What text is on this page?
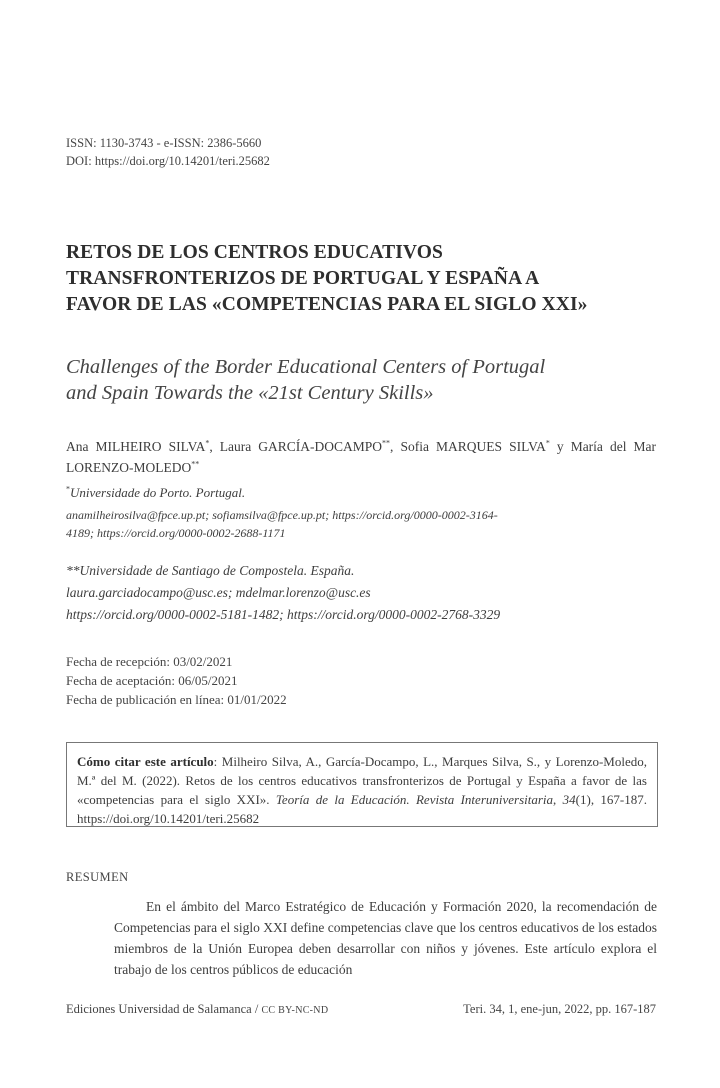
ISSN: 1130-3743 - e-ISSN: 2386-5660
DOI: https://doi.org/10.14201/teri.25682
RETOS DE LOS CENTROS EDUCATIVOS
TRANSFRONTERIZOS DE PORTUGAL Y ESPAÑA A
FAVOR DE LAS «COMPETENCIAS PARA EL SIGLO XXI»
Challenges of the Border Educational Centers of Portugal
and Spain Towards the «21st Century Skills»
Ana MILHEIRO SILVA*, Laura GARCÍA-DOCAMPO**, Sofia MARQUES SILVA* y María del Mar LORENZO-MOLEDO**
*Universidade do Porto. Portugal.
anamilheirosilva@fpce.up.pt; sofiamsilva@fpce.up.pt; https://orcid.org/0000-0002-3164-
4189; https://orcid.org/0000-0002-2688-1171
**Universidade de Santiago de Compostela. España.
laura.garciadocampo@usc.es; mdelmar.lorenzo@usc.es
https://orcid.org/0000-0002-5181-1482; https://orcid.org/0000-0002-2768-3329
Fecha de recepción: 03/02/2021
Fecha de aceptación: 06/05/2021
Fecha de publicación en línea: 01/01/2022
Cómo citar este artículo: Milheiro Silva, A., García-Docampo, L., Marques Silva, S., y Lorenzo-Moledo, M.ª del M. (2022). Retos de los centros educativos transfronterizos de Portugal y España a favor de las «competencias para el siglo XXI». Teoría de la Educación. Revista Interuniversitaria, 34(1), 167-187. https://doi.org/10.14201/teri.25682
RESUMEN
En el ámbito del Marco Estratégico de Educación y Formación 2020, la recomendación de Competencias para el siglo XXI define competencias clave que los centros educativos de los estados miembros de la Unión Europea deben desarrollar con niños y jóvenes. Este artículo explora el trabajo de los centros públicos de educación
Ediciones Universidad de Salamanca / CC BY-NC-ND	Teri. 34, 1, ene-jun, 2022, pp. 167-187
